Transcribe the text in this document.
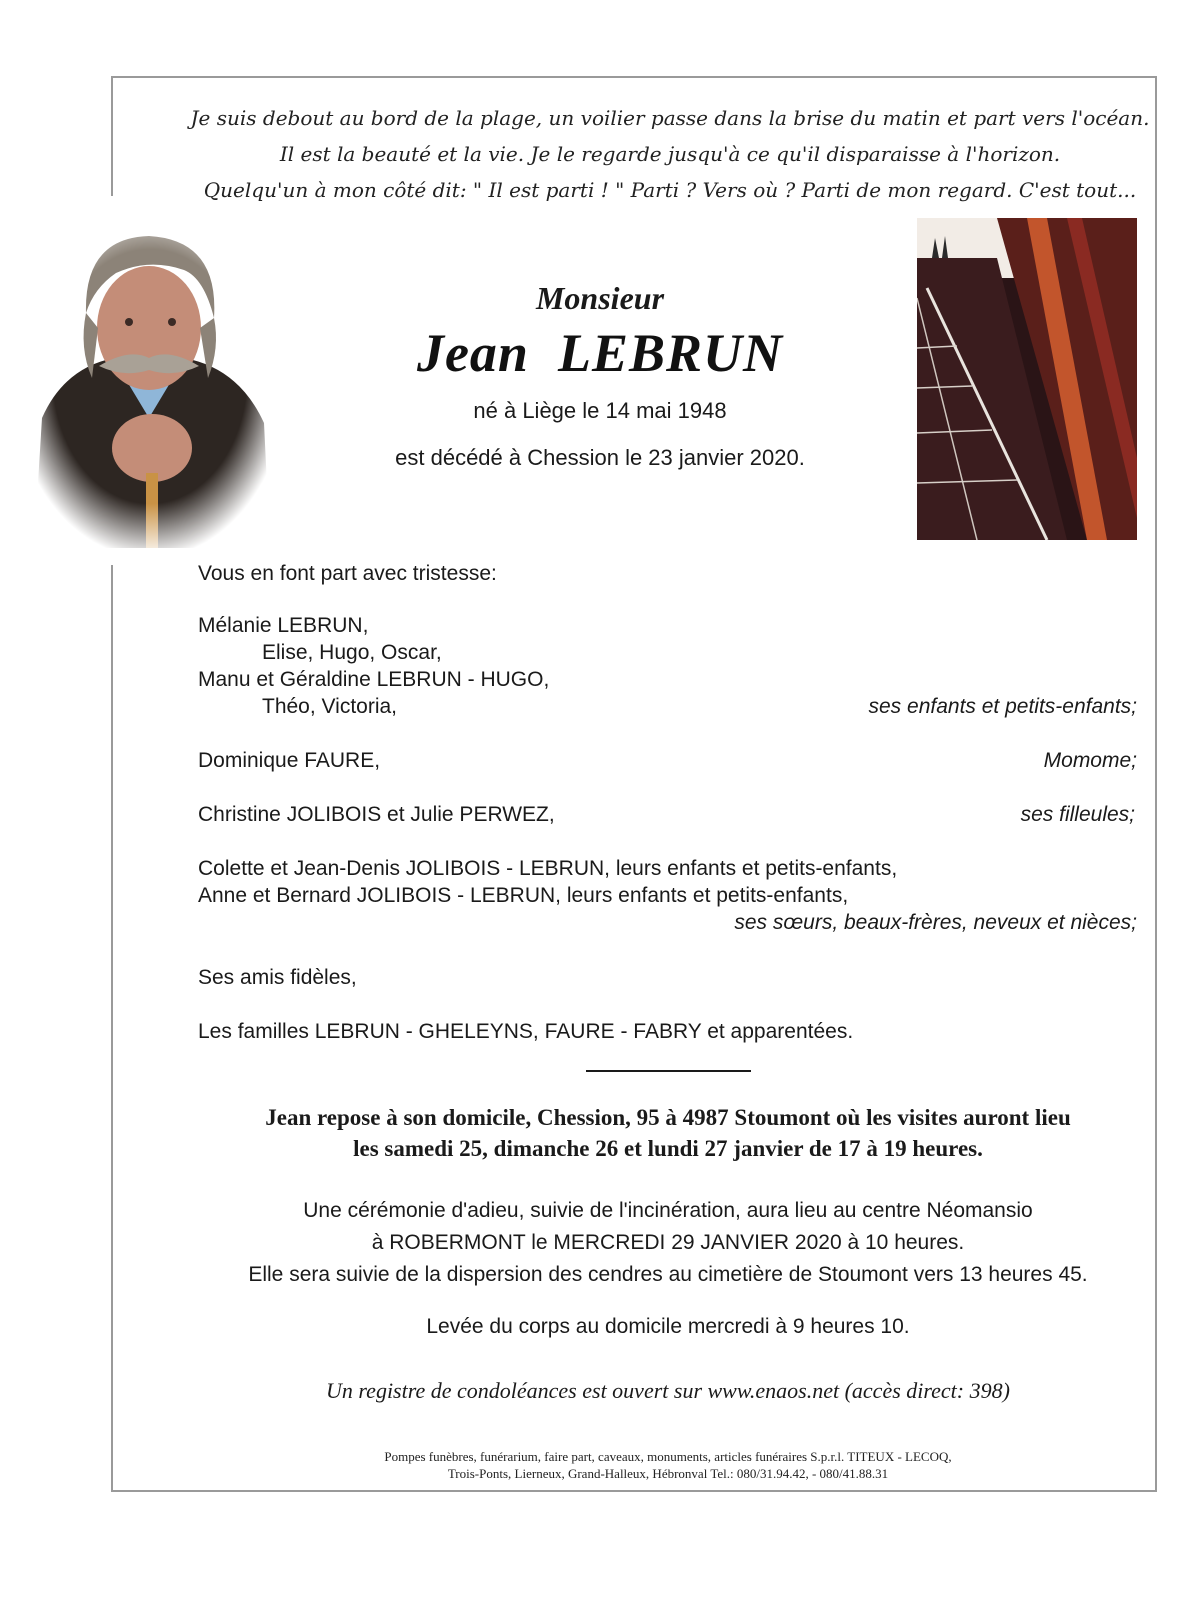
Je suis debout au bord de la plage, un voilier passe dans la brise du matin et part vers l'océan.
Il est la beauté et la vie. Je le regarde jusqu'à ce qu'il disparaisse à l'horizon.
Quelqu'un à mon côté dit: " Il est parti ! " Parti ? Vers où ? Parti de mon regard. C'est tout...
Monsieur
Jean  LEBRUN
né à Liège le 14 mai 1948
est décédé à Chession le 23 janvier 2020.
Vous en font part avec tristesse:
Mélanie LEBRUN,
Elise, Hugo, Oscar,
Manu et Géraldine LEBRUN - HUGO,
Théo, Victoria,	ses enfants et petits-enfants;
Dominique FAURE,	Momome;
Christine JOLIBOIS et Julie PERWEZ,	ses filleules;
Colette et Jean-Denis JOLIBOIS - LEBRUN, leurs enfants et petits-enfants,
Anne et Bernard JOLIBOIS - LEBRUN, leurs enfants et petits-enfants,
ses sœurs, beaux-frères, neveux et nièces;
Ses amis fidèles,
Les familles LEBRUN - GHELEYNS, FAURE - FABRY et apparentées.
Jean repose à son domicile, Chession, 95 à 4987 Stoumont où les visites auront lieu
les samedi 25, dimanche 26 et lundi 27 janvier de 17 à 19 heures.
Une cérémonie d'adieu, suivie de l'incinération, aura lieu au centre Néomansio
à ROBERMONT le MERCREDI 29 JANVIER 2020 à 10 heures.
Elle sera suivie de la dispersion des cendres au cimetière de Stoumont vers 13 heures 45.
Levée du corps au domicile mercredi à 9 heures 10.
Un registre de condoléances est ouvert sur www.enaos.net (accès direct: 398)
Pompes funèbres, funérarium, faire part, caveaux, monuments, articles funéraires S.p.r.l. TITEUX - LECOQ,
Trois-Ponts, Lierneux, Grand-Halleux, Hébronval Tel.: 080/31.94.42, - 080/41.88.31
